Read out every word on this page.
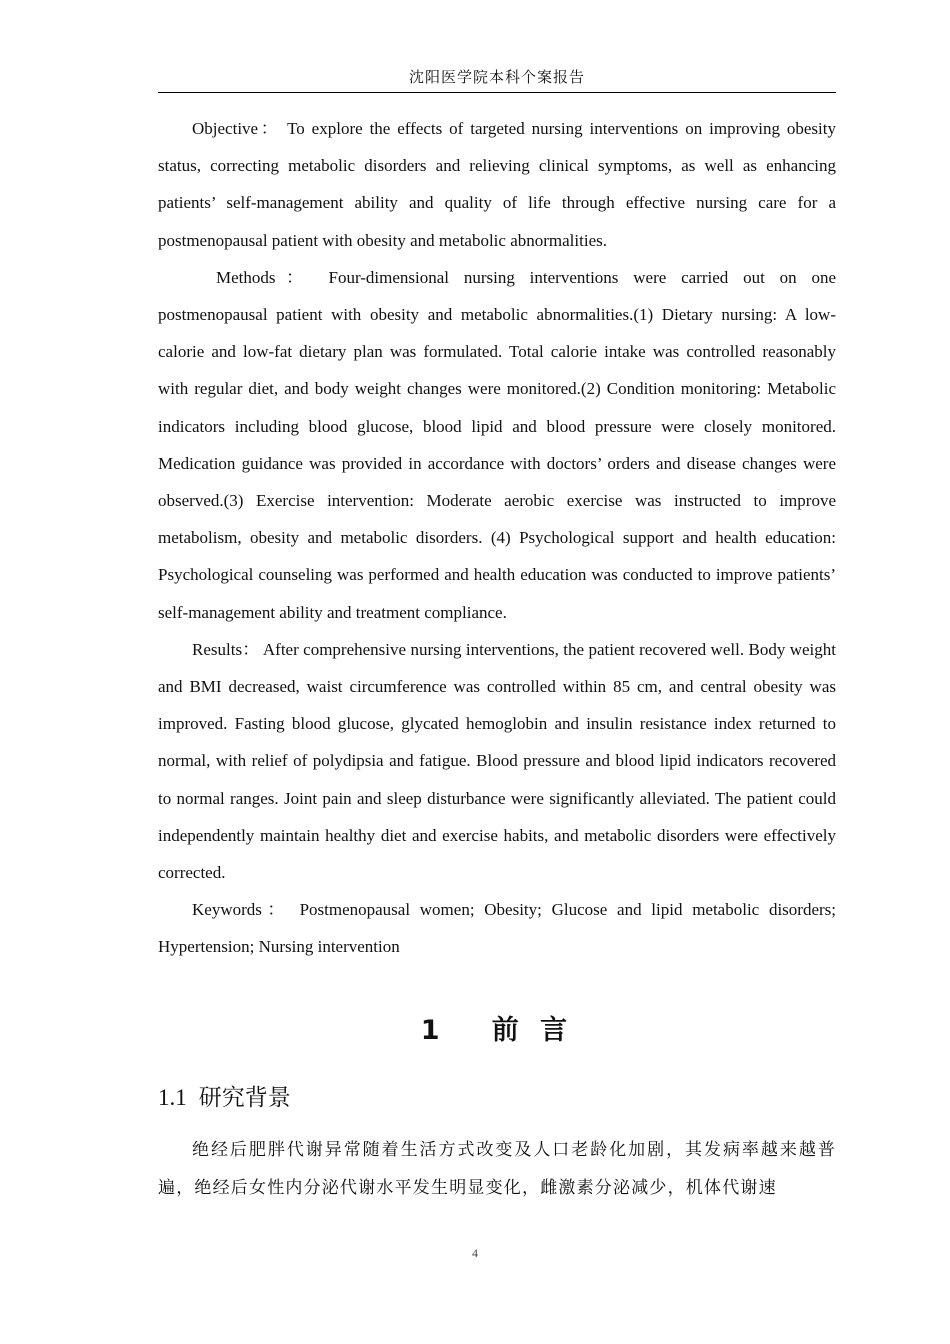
沈阳医学院本科个案报告

Objective： To explore the effects of targeted nursing interventions on improving obesity status, correcting metabolic disorders and relieving clinical symptoms, as well as enhancing patients’ self-management ability and quality of life through effective nursing care for a postmenopausal patient with obesity and metabolic abnormalities.

Methods： Four-dimensional nursing interventions were carried out on one postmenopausal patient with obesity and metabolic abnormalities.(1) Dietary nursing: A low-calorie and low-fat dietary plan was formulated. Total calorie intake was controlled reasonably with regular diet, and body weight changes were monitored.(2) Condition monitoring: Metabolic indicators including blood glucose, blood lipid and blood pressure were closely monitored. Medication guidance was provided in accordance with doctors’ orders and disease changes were observed.(3) Exercise intervention: Moderate aerobic exercise was instructed to improve metabolism, obesity and metabolic disorders. (4) Psychological support and health education: Psychological counseling was performed and health education was conducted to improve patients’ self-management ability and treatment compliance.

Results： After comprehensive nursing interventions, the patient recovered well. Body weight and BMI decreased, waist circumference was controlled within 85 cm, and central obesity was improved. Fasting blood glucose, glycated hemoglobin and insulin resistance index returned to normal, with relief of polydipsia and fatigue. Blood pressure and blood lipid indicators recovered to normal ranges. Joint pain and sleep disturbance were significantly alleviated. The patient could independently maintain healthy diet and exercise habits, and metabolic disorders were effectively corrected.

Keywords： Postmenopausal women; Obesity; Glucose and lipid metabolic disorders; Hypertension; Nursing intervention

1   前 言
1.1 研究背景

绝经后肥胖代谢异常随着生活方式改变及人口老龄化加剧，其发病率越来越普遍，绝经后女性内分泌代谢水平发生明显变化，雌激素分泌减少，机体代谢速

4
